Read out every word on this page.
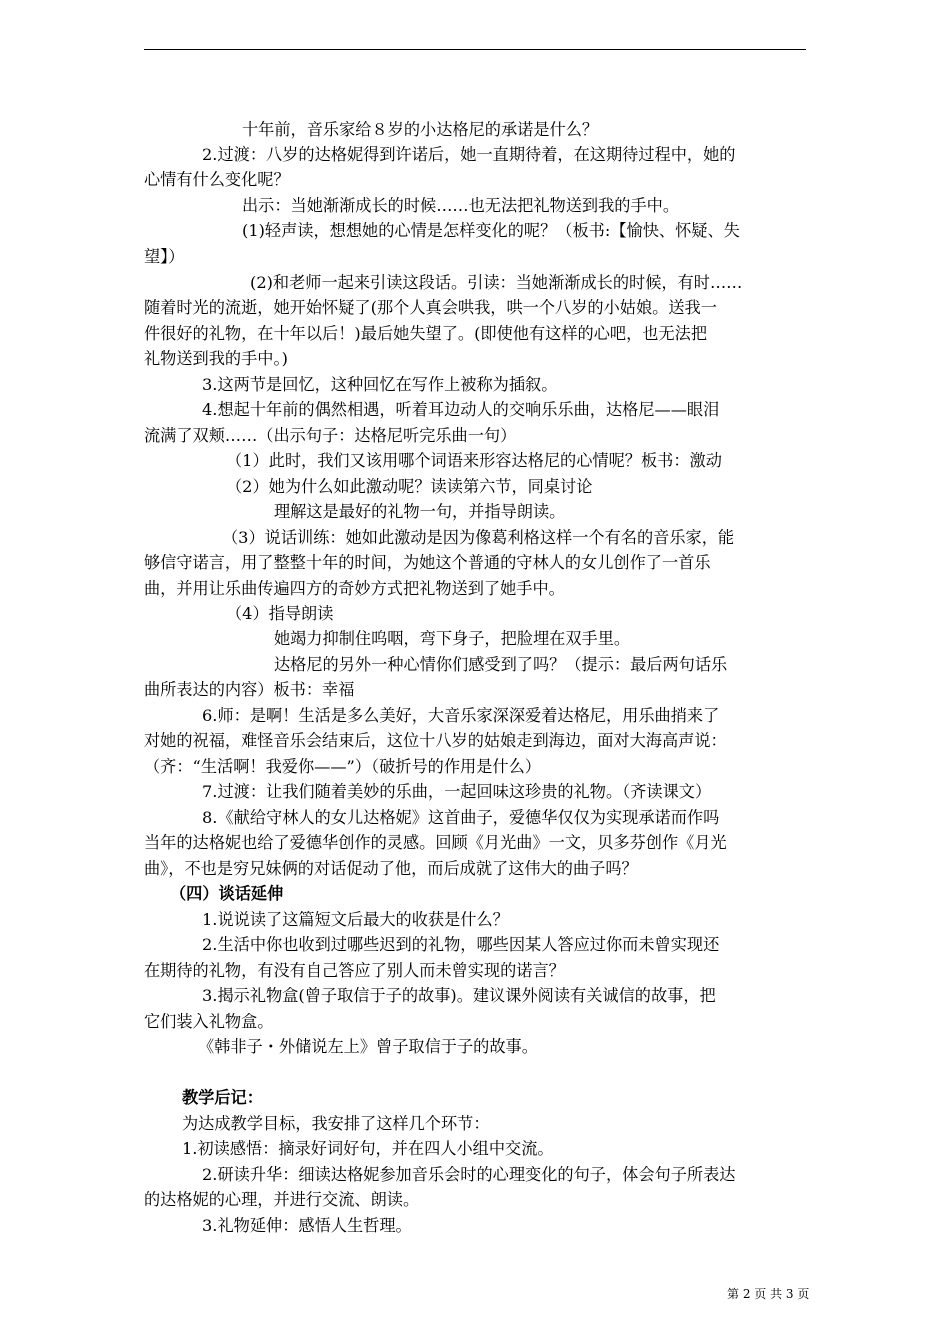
十年前，音乐家给８岁的小达格尼的承诺是什么？
2.过渡：八岁的达格妮得到许诺后，她一直期待着，在这期待过程中，她的
心情有什么变化呢？
出示：当她渐渐成长的时候……也无法把礼物送到我的手中。
(1)轻声读，想想她的心情是怎样变化的呢？（板书:【愉快、怀疑、失
望】）
(2)和老师一起来引读这段话。引读：当她渐渐成长的时候，有时……
随着时光的流逝，她开始怀疑了(那个人真会哄我，哄一个八岁的小姑娘。送我一
件很好的礼物，在十年以后！)最后她失望了。(即使他有这样的心吧，也无法把
礼物送到我的手中。)
3.这两节是回忆，这种回忆在写作上被称为插叙。
4.想起十年前的偶然相遇，听着耳边动人的交响乐乐曲，达格尼——眼泪
流满了双颊……（出示句子：达格尼听完乐曲一句）
（1）此时，我们又该用哪个词语来形容达格尼的心情呢？板书：激动
（2）她为什么如此激动呢？读读第六节，同桌讨论
理解这是最好的礼物一句，并指导朗读。
（3）说话训练：她如此激动是因为像葛利格这样一个有名的音乐家，能
够信守诺言，用了整整十年的时间，为她这个普通的守林人的女儿创作了一首乐
曲，并用让乐曲传遍四方的奇妙方式把礼物送到了她手中。
（4）指导朗读
她竭力抑制住呜咽，弯下身子，把脸埋在双手里。
达格尼的另外一种心情你们感受到了吗？（提示：最后两句话乐
曲所表达的内容）板书：幸福
6.师：是啊！生活是多么美好，大音乐家深深爱着达格尼，用乐曲捎来了
对她的祝福，难怪音乐会结束后，这位十八岁的姑娘走到海边，面对大海高声说：
（齐：“生活啊！我爱你——”）（破折号的作用是什么）
7.过渡：让我们随着美妙的乐曲，一起回味这珍贵的礼物。（齐读课文）
8.《献给守林人的女儿达格妮》这首曲子，爱德华仅仅为实现承诺而作吗
当年的达格妮也给了爱德华创作的灵感。回顾《月光曲》一文，贝多芬创作《月光
曲》，不也是穷兄妹俩的对话促动了他，而后成就了这伟大的曲子吗？
（四）谈话延伸
1.说说读了这篇短文后最大的收获是什么？
2.生活中你也收到过哪些迟到的礼物，哪些因某人答应过你而未曾实现还
在期待的礼物，有没有自己答应了别人而未曾实现的诺言？
3.揭示礼物盒(曾子取信于子的故事)。建议课外阅读有关诚信的故事，把
它们装入礼物盒。
《韩非子・外储说左上》曾子取信于子的故事。
教学后记：
为达成教学目标，我安排了这样几个环节：
1.初读感悟：摘录好词好句，并在四人小组中交流。
2.研读升华：细读达格妮参加音乐会时的心理变化的句子，体会句子所表达
的达格妮的心理，并进行交流、朗读。
3.礼物延伸：感悟人生哲理。
第 2 页 共 3 页
